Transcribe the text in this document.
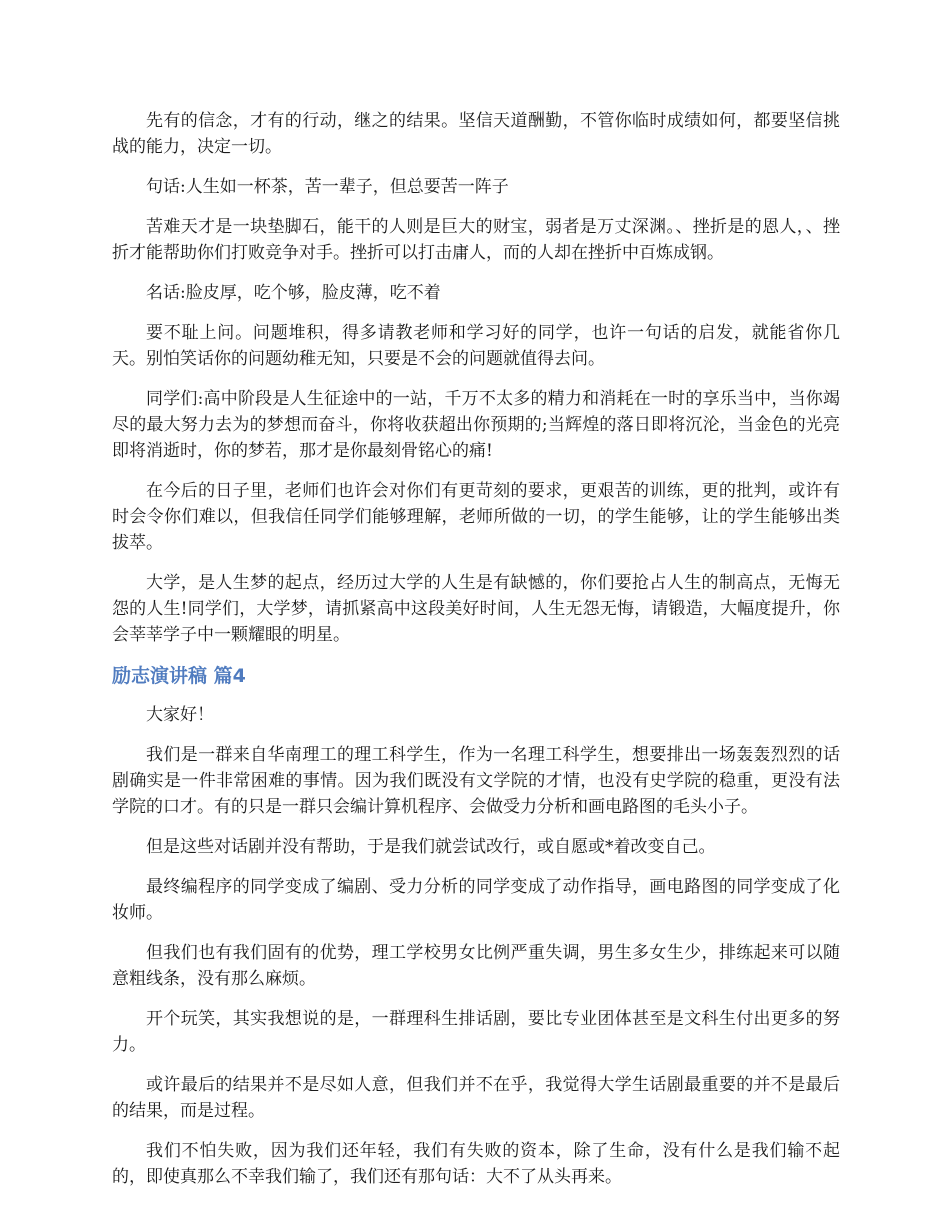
先有的信念，才有的行动，继之的结果。坚信天道酬勤，不管你临时成绩如何，都要坚信挑战的能力，决定一切。

句话:人生如一杯茶，苦一辈子，但总要苦一阵子

苦难天才是一块垫脚石，能干的人则是巨大的财宝，弱者是万丈深渊。、挫折是的恩人，、挫折才能帮助你们打败竞争对手。挫折可以打击庸人，而的人却在挫折中百炼成钢。

名话:脸皮厚，吃个够，脸皮薄，吃不着

要不耻上问。问题堆积，得多请教老师和学习好的同学，也许一句话的启发，就能省你几天。别怕笑话你的问题幼稚无知，只要是不会的问题就值得去问。

同学们:高中阶段是人生征途中的一站，千万不太多的精力和消耗在一时的享乐当中，当你竭尽的最大努力去为的梦想而奋斗，你将收获超出你预期的;当辉煌的落日即将沉沦，当金色的光亮即将消逝时，你的梦若，那才是你最刻骨铭心的痛!

在今后的日子里，老师们也许会对你们有更苛刻的要求，更艰苦的训练，更的批判，或许有时会令你们难以，但我信任同学们能够理解，老师所做的一切，的学生能够，让的学生能够出类拔萃。

大学，是人生梦的起点，经历过大学的人生是有缺憾的，你们要抢占人生的制高点，无悔无怨的人生!同学们，大学梦，请抓紧高中这段美好时间，人生无怨无悔，请锻造，大幅度提升，你会莘莘学子中一颗耀眼的明星。

励志演讲稿 篇4

大家好！

我们是一群来自华南理工的理工科学生，作为一名理工科学生，想要排出一场轰轰烈烈的话剧确实是一件非常困难的事情。因为我们既没有文学院的才情，也没有史学院的稳重，更没有法学院的口才。有的只是一群只会编计算机程序、会做受力分析和画电路图的毛头小子。

但是这些对话剧并没有帮助，于是我们就尝试改行，或自愿或*着改变自己。

最终编程序的同学变成了编剧、受力分析的同学变成了动作指导，画电路图的同学变成了化妆师。

但我们也有我们固有的优势，理工学校男女比例严重失调，男生多女生少，排练起来可以随意粗线条，没有那么麻烦。

开个玩笑，其实我想说的是，一群理科生排话剧，要比专业团体甚至是文科生付出更多的努力。

或许最后的结果并不是尽如人意，但我们并不在乎，我觉得大学生话剧最重要的并不是最后的结果，而是过程。

我们不怕失败，因为我们还年轻，我们有失败的资本，除了生命，没有什么是我们输不起的，即使真那么不幸我们输了，我们还有那句话：大不了从头再来。
